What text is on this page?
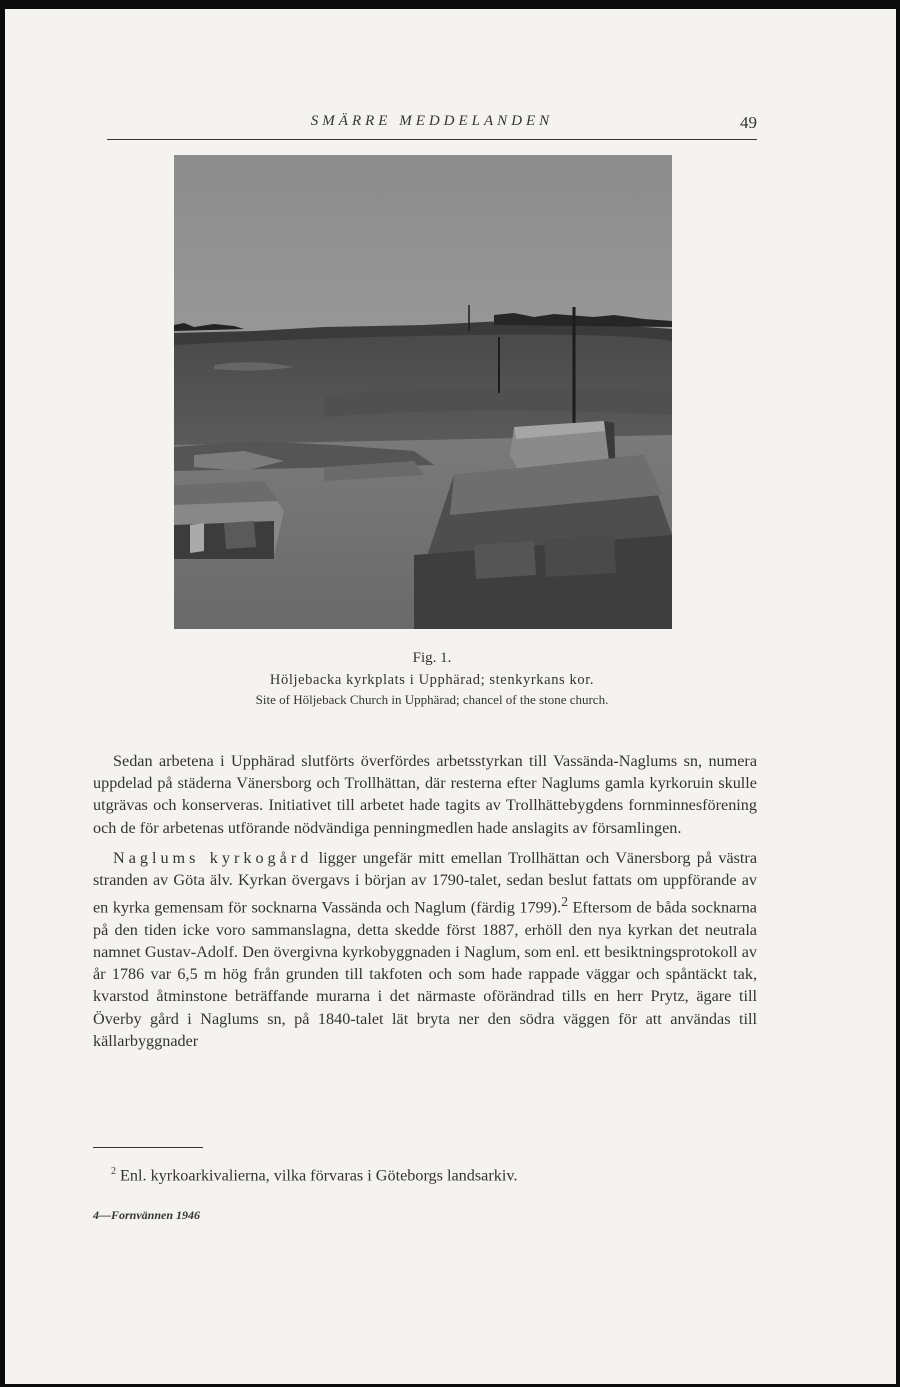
SMÄRRE MEDDELANDEN	49
Fig. 1.
Höljebacka kyrkplats i Upphärad; stenkyrkans kor.
Site of Höljeback Church in Upphärad; chancel of the stone church.

Sedan arbetena i Upphärad slutförts överfördes arbetsstyrkan till Vassända-Naglums sn, numera uppdelad på städerna Vänersborg och Trollhättan, där resterna efter Naglums gamla kyrkoruin skulle utgrävas och konserveras. Initiativet till arbetet hade tagits av Trollhättebygdens fornminnesförening och de för arbetenas utförande nödvändiga penningmedlen hade anslagits av församlingen.

Naglums kyrkogård ligger ungefär mitt emellan Trollhättan och Vänersborg på västra stranden av Göta älv. Kyrkan övergavs i början av 1790-talet, sedan beslut fattats om uppförande av en kyrka gemensam för socknarna Vassända och Naglum (färdig 1799).$^2$ Eftersom de båda socknarna på den tiden icke voro sammanslagna, detta skedde först 1887, erhöll den nya kyrkan det neutrala namnet Gustav-Adolf. Den övergivna kyrkobyggnaden i Naglum, som enl. ett besiktningsprotokoll av år 1786 var 6,5 m hög från grunden till takfoten och som hade rappade väggar och spåntäckt tak, kvarstod åtminstone beträffande murarna i det närmaste oförändrad tills en herr Prytz, ägare till Överby gård i Naglums sn, på 1840-talet lät bryta ner den södra väggen för att användas till källarbyggnader

$^2$ Enl. kyrkoarkivalierna, vilka förvaras i Göteborgs landsarkiv.
4—Fornvännen 1946
